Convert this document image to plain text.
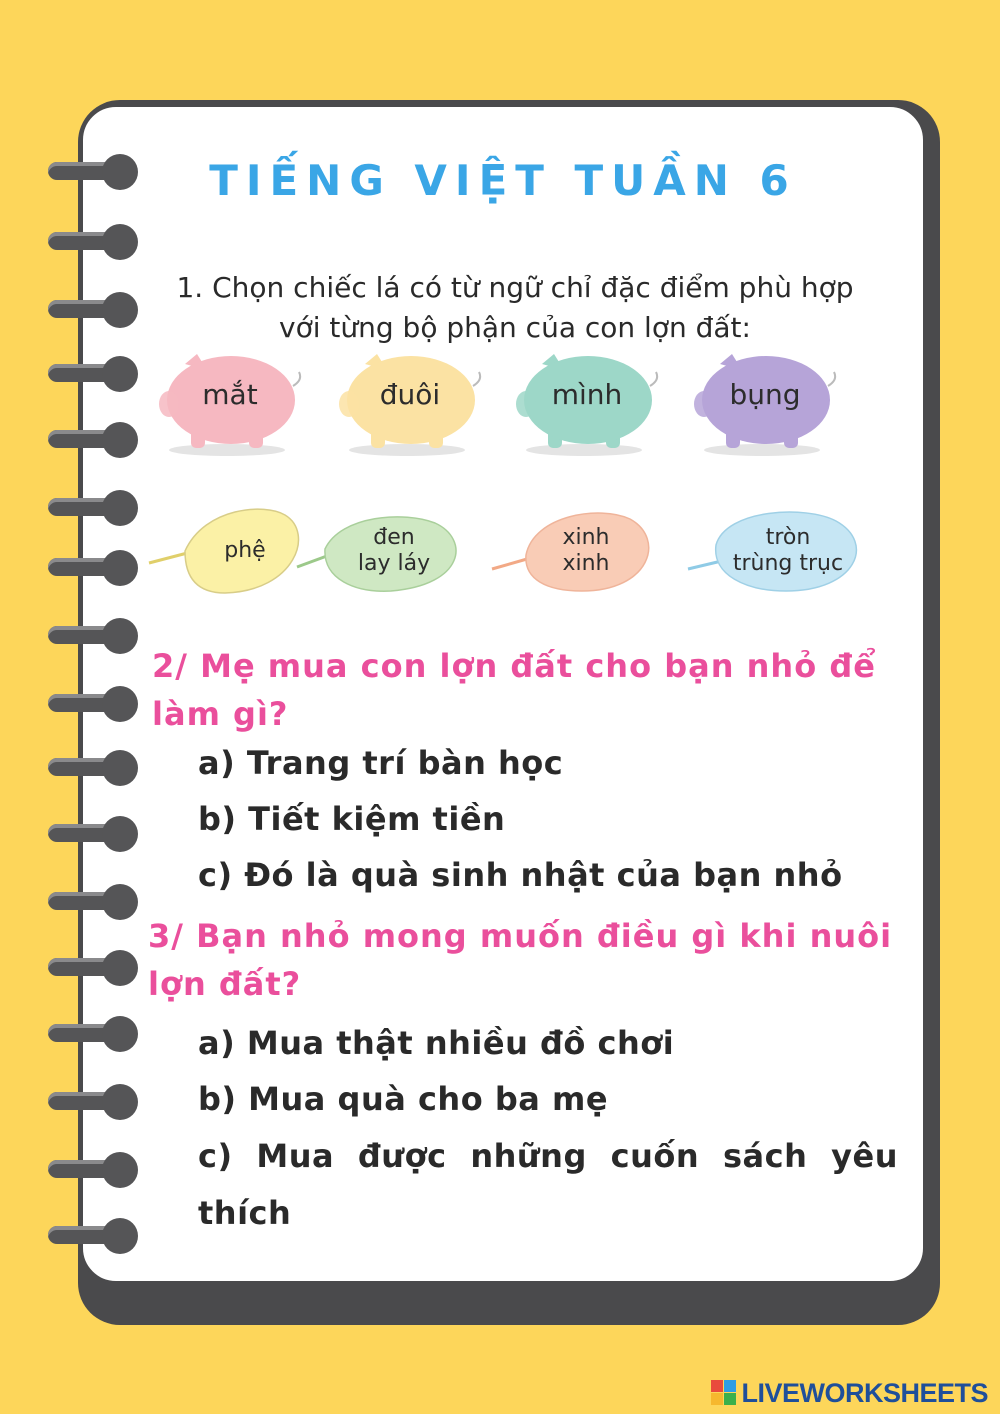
TIẾNG VIỆT TUẦN 6
1. Chọn chiếc lá có từ ngữ chỉ đặc điểm phù hợp
với từng bộ phận của con lợn đất:
mắt	đuôi	mình	bụng
phệ
đen
lay láy
xinh
xinh
tròn
trùng trục
2/ Mẹ mua con lợn đất cho bạn nhỏ để
làm gì?
a) Trang trí bàn học
b) Tiết kiệm tiền
c) Đó là quà sinh nhật của bạn nhỏ
3/ Bạn nhỏ mong muốn điều gì khi nuôi
lợn đất?
a) Mua thật nhiều đồ chơi
b) Mua quà cho ba mẹ
c) Mua được những cuốn sách yêu
thích
LIVEWORKSHEETS
